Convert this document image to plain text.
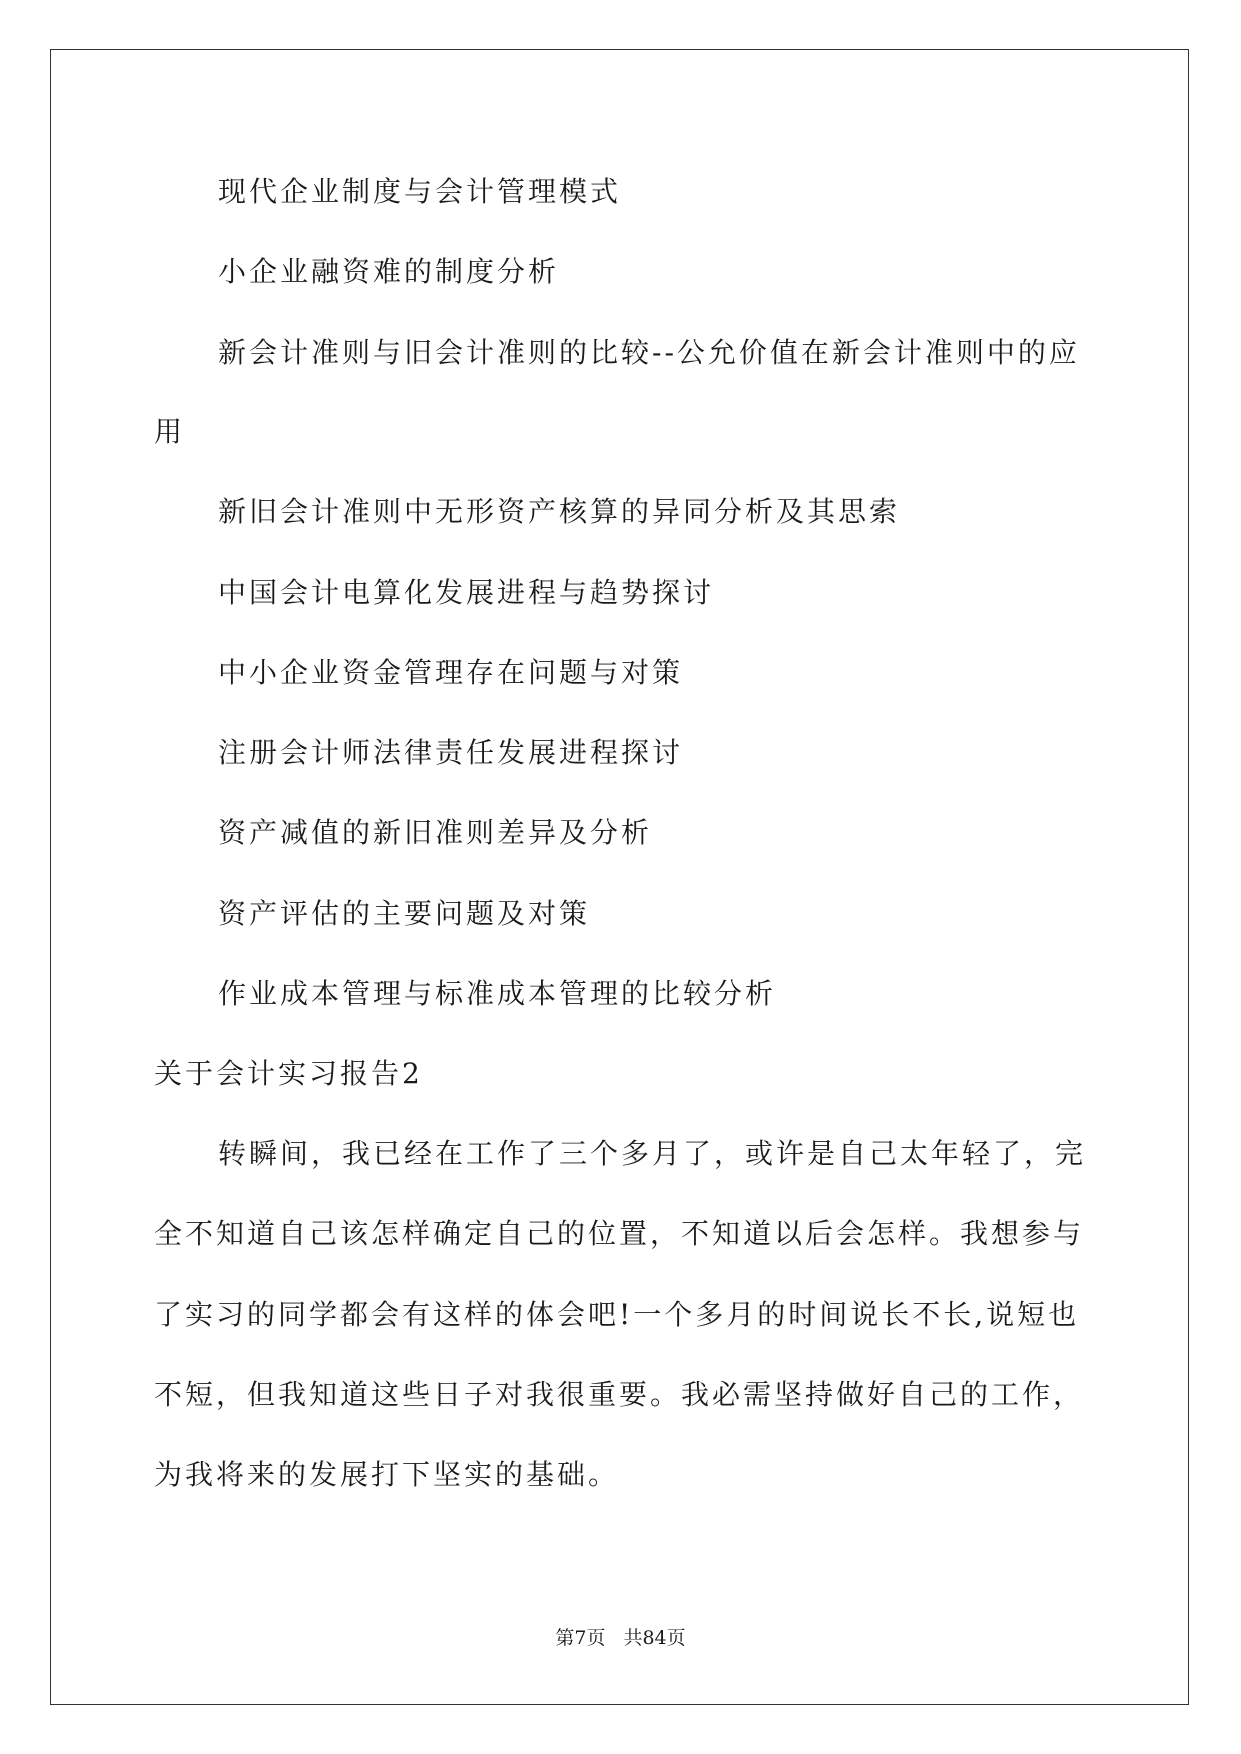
现代企业制度与会计管理模式

小企业融资难的制度分析

新会计准则与旧会计准则的比较--公允价值在新会计准则中的应

用

新旧会计准则中无形资产核算的异同分析及其思索

中国会计电算化发展进程与趋势探讨

中小企业资金管理存在问题与对策

注册会计师法律责任发展进程探讨

资产减值的新旧准则差异及分析

资产评估的主要问题及对策

作业成本管理与标准成本管理的比较分析

关于会计实习报告2

转瞬间，我已经在工作了三个多月了，或许是自己太年轻了，完

全不知道自己该怎样确定自己的位置，不知道以后会怎样。我想参与

了实习的同学都会有这样的体会吧!一个多月的时间说长不长,说短也

不短，但我知道这些日子对我很重要。我必需坚持做好自己的工作，

为我将来的发展打下坚实的基础。

第7页 共84页
